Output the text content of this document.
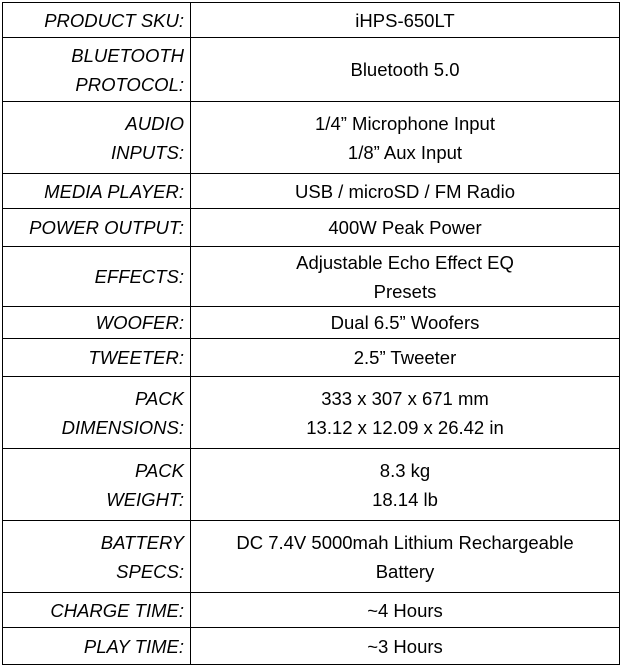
PRODUCT SKU:	iHPS-650LT

BLUETOOTH
PROTOCOL:	Bluetooth 5.0

AUDIO
INPUTS:	1/4” Microphone Input
1/8” Aux Input

MEDIA PLAYER:	USB / microSD / FM Radio

POWER OUTPUT:	400W Peak Power

EFFECTS:	Adjustable Echo Effect EQ
Presets

WOOFER:	Dual 6.5” Woofers

TWEETER:	2.5” Tweeter

PACK
DIMENSIONS:	333 x 307 x 671 mm
13.12 x 12.09 x 26.42 in

PACK
WEIGHT:	8.3 kg
18.14 lb

BATTERY
SPECS:	DC 7.4V 5000mah Lithium Rechargeable
Battery

CHARGE TIME:	~4 Hours

PLAY TIME:	~3 Hours
